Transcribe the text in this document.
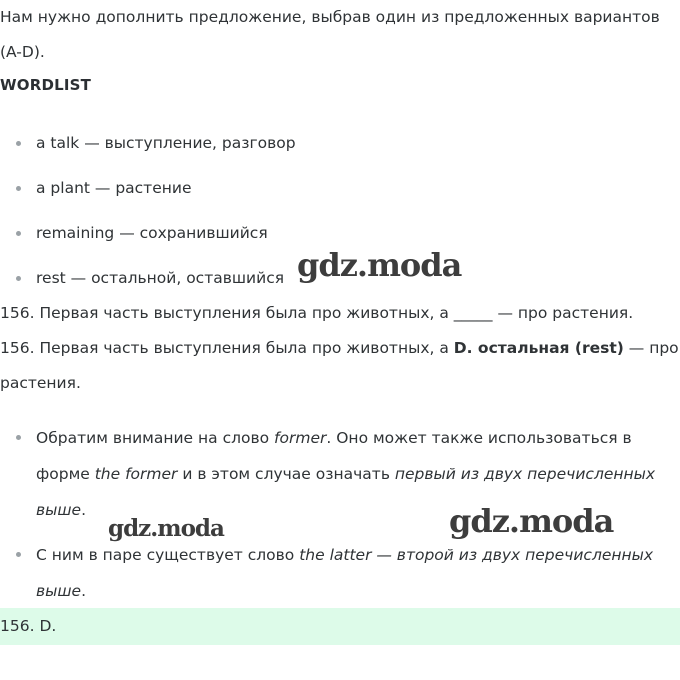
Нам нужно дополнить предложение, выбрав один из предложенных вариантов (A-D).

WORDLIST
a talk — выступление, разговор
a plant — растение
remaining — сохранившийся
rest — остальной, оставшийся
156. Первая часть выступления была про животных, а _____ — про растения.
156. Первая часть выступления была про животных, а D. остальная (rest) — про растения.
Обратим внимание на слово former. Оно может также использоваться в форме the former и в этом случае означать первый из двух перечисленных выше.
С ним в паре существует слово the latter — второй из двух перечисленных выше.
156. D.
gdz.moda
gdz.moda	gdz.moda
